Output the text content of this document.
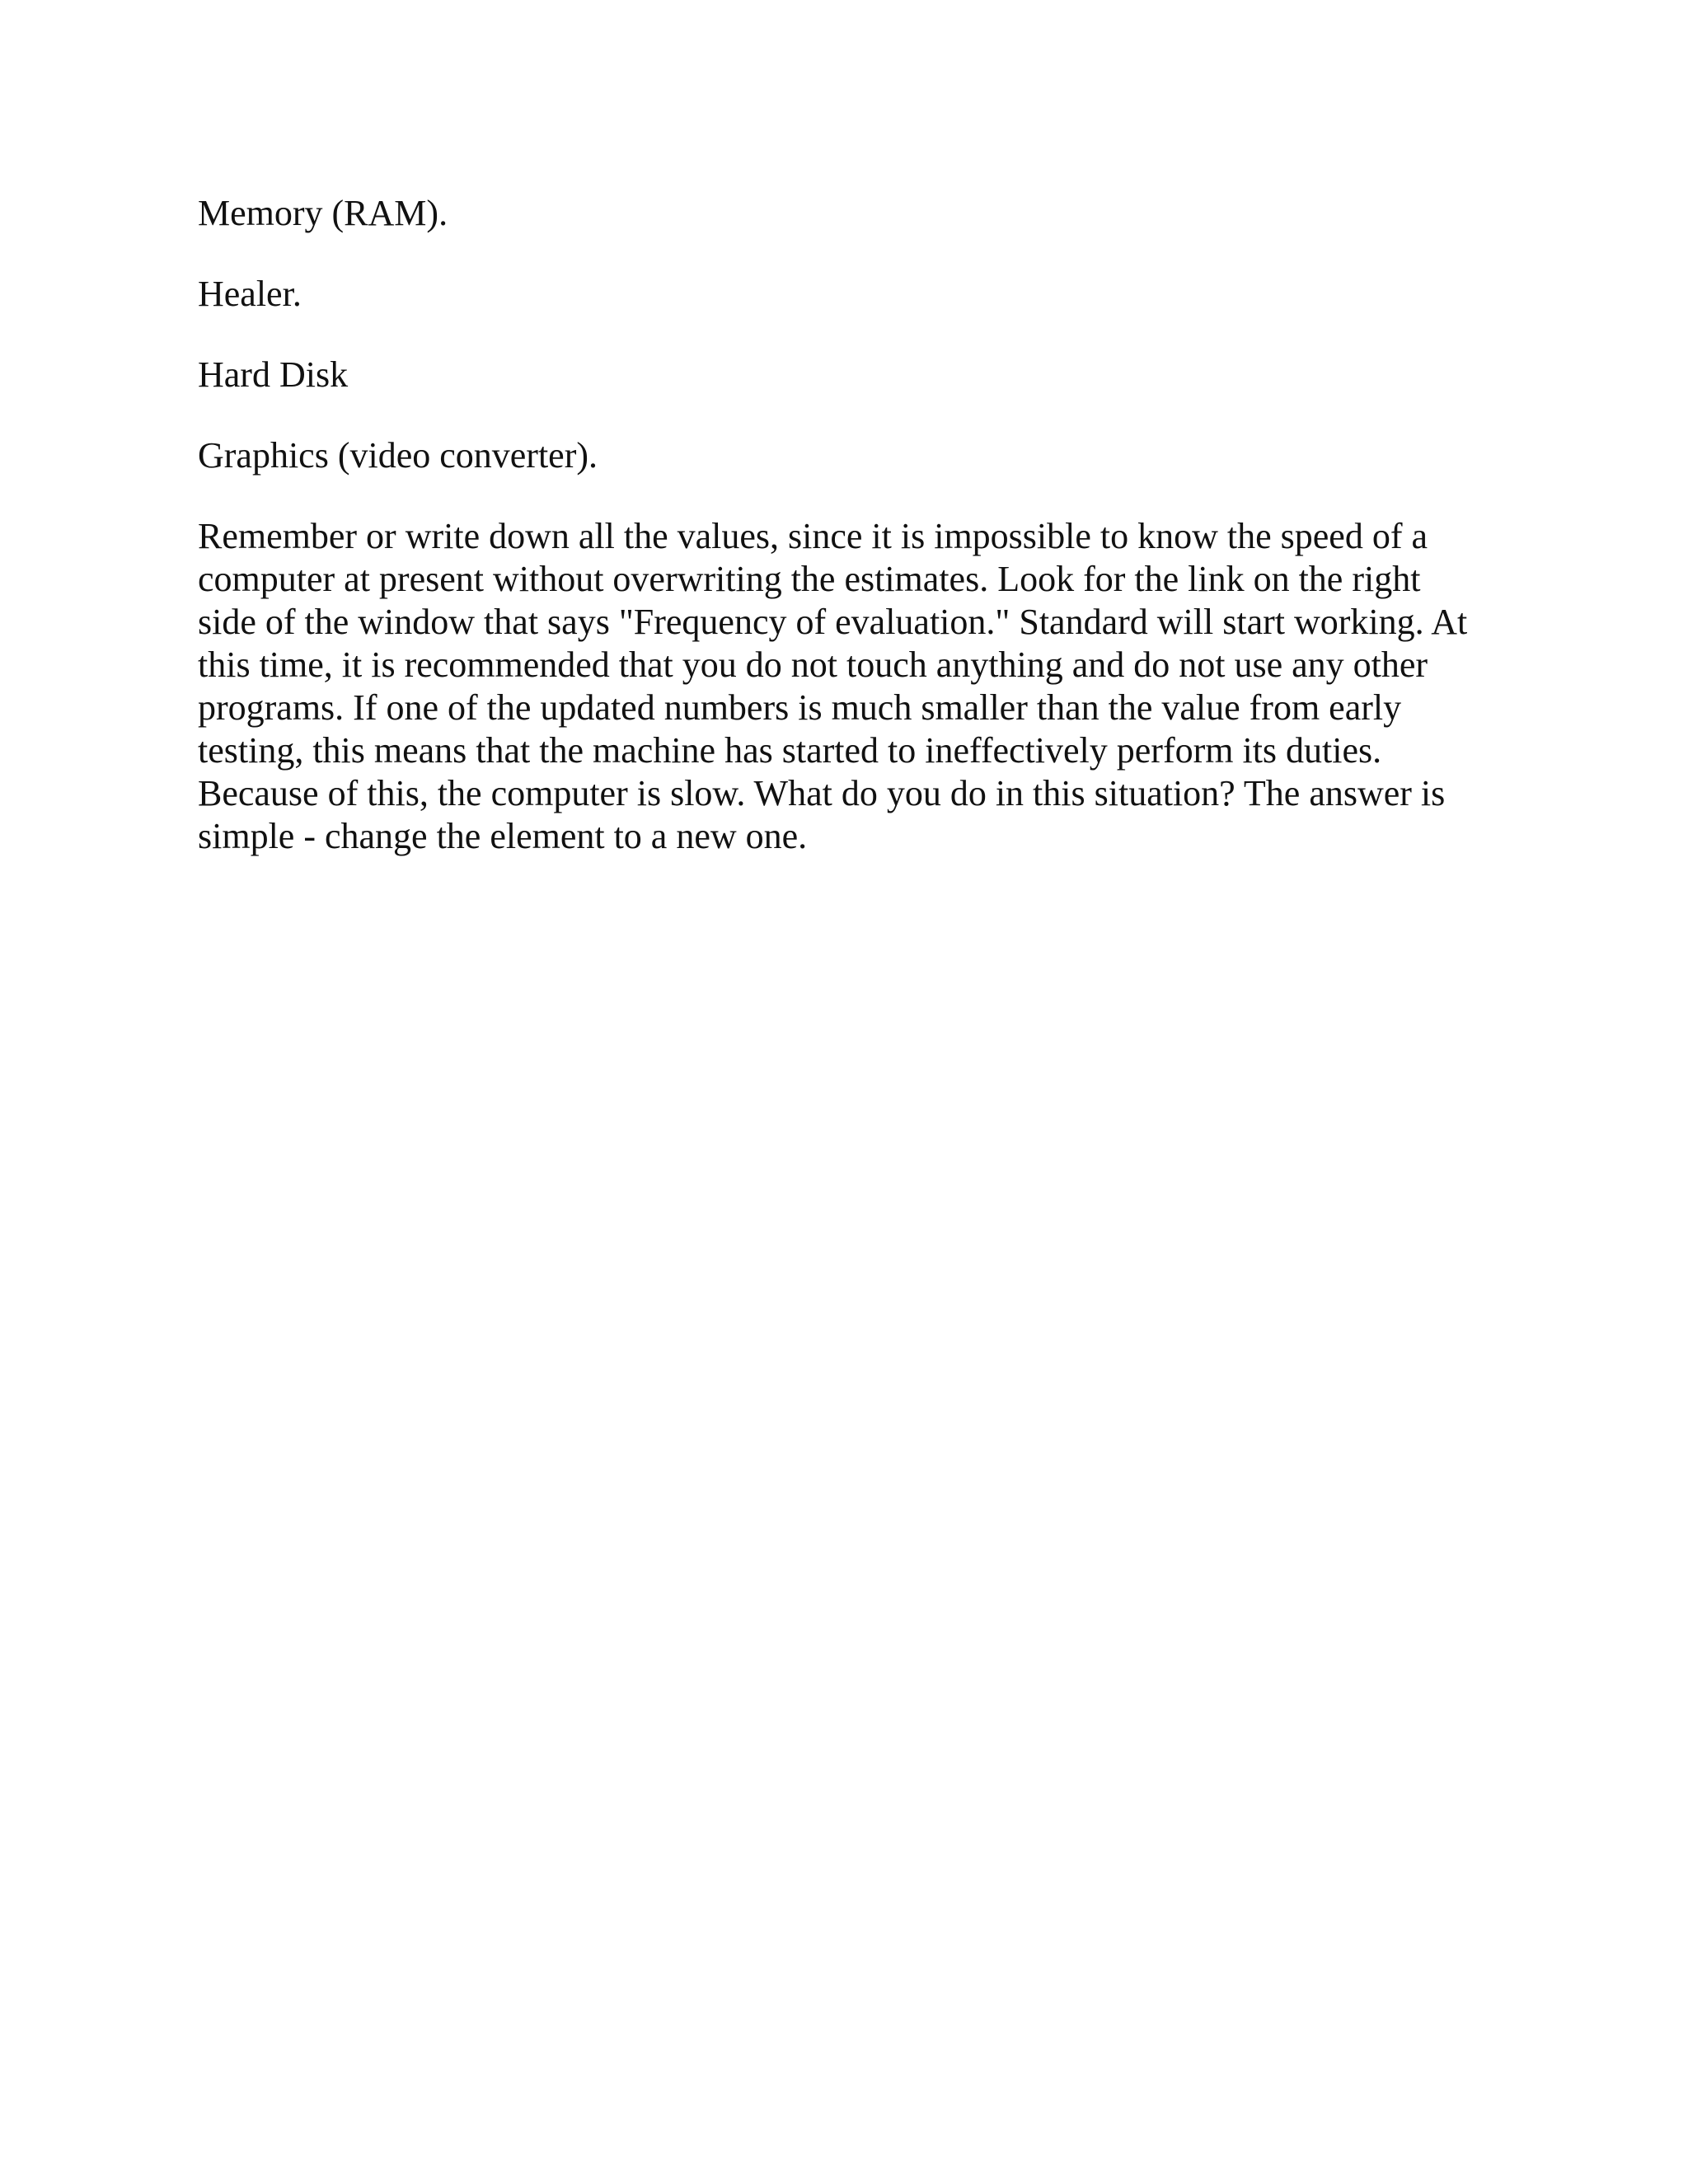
Memory (RAM).

Healer.

Hard Disk

Graphics (video converter).

Remember or write down all the values, since it is impossible to know the speed of a computer at present without overwriting the estimates. Look for the link on the right side of the window that says "Frequency of evaluation." Standard will start working. At this time, it is recommended that you do not touch anything and do not use any other programs. If one of the updated numbers is much smaller than the value from early testing, this means that the machine has started to ineffectively perform its duties. Because of this, the computer is slow. What do you do in this situation? The answer is simple - change the element to a new one.
